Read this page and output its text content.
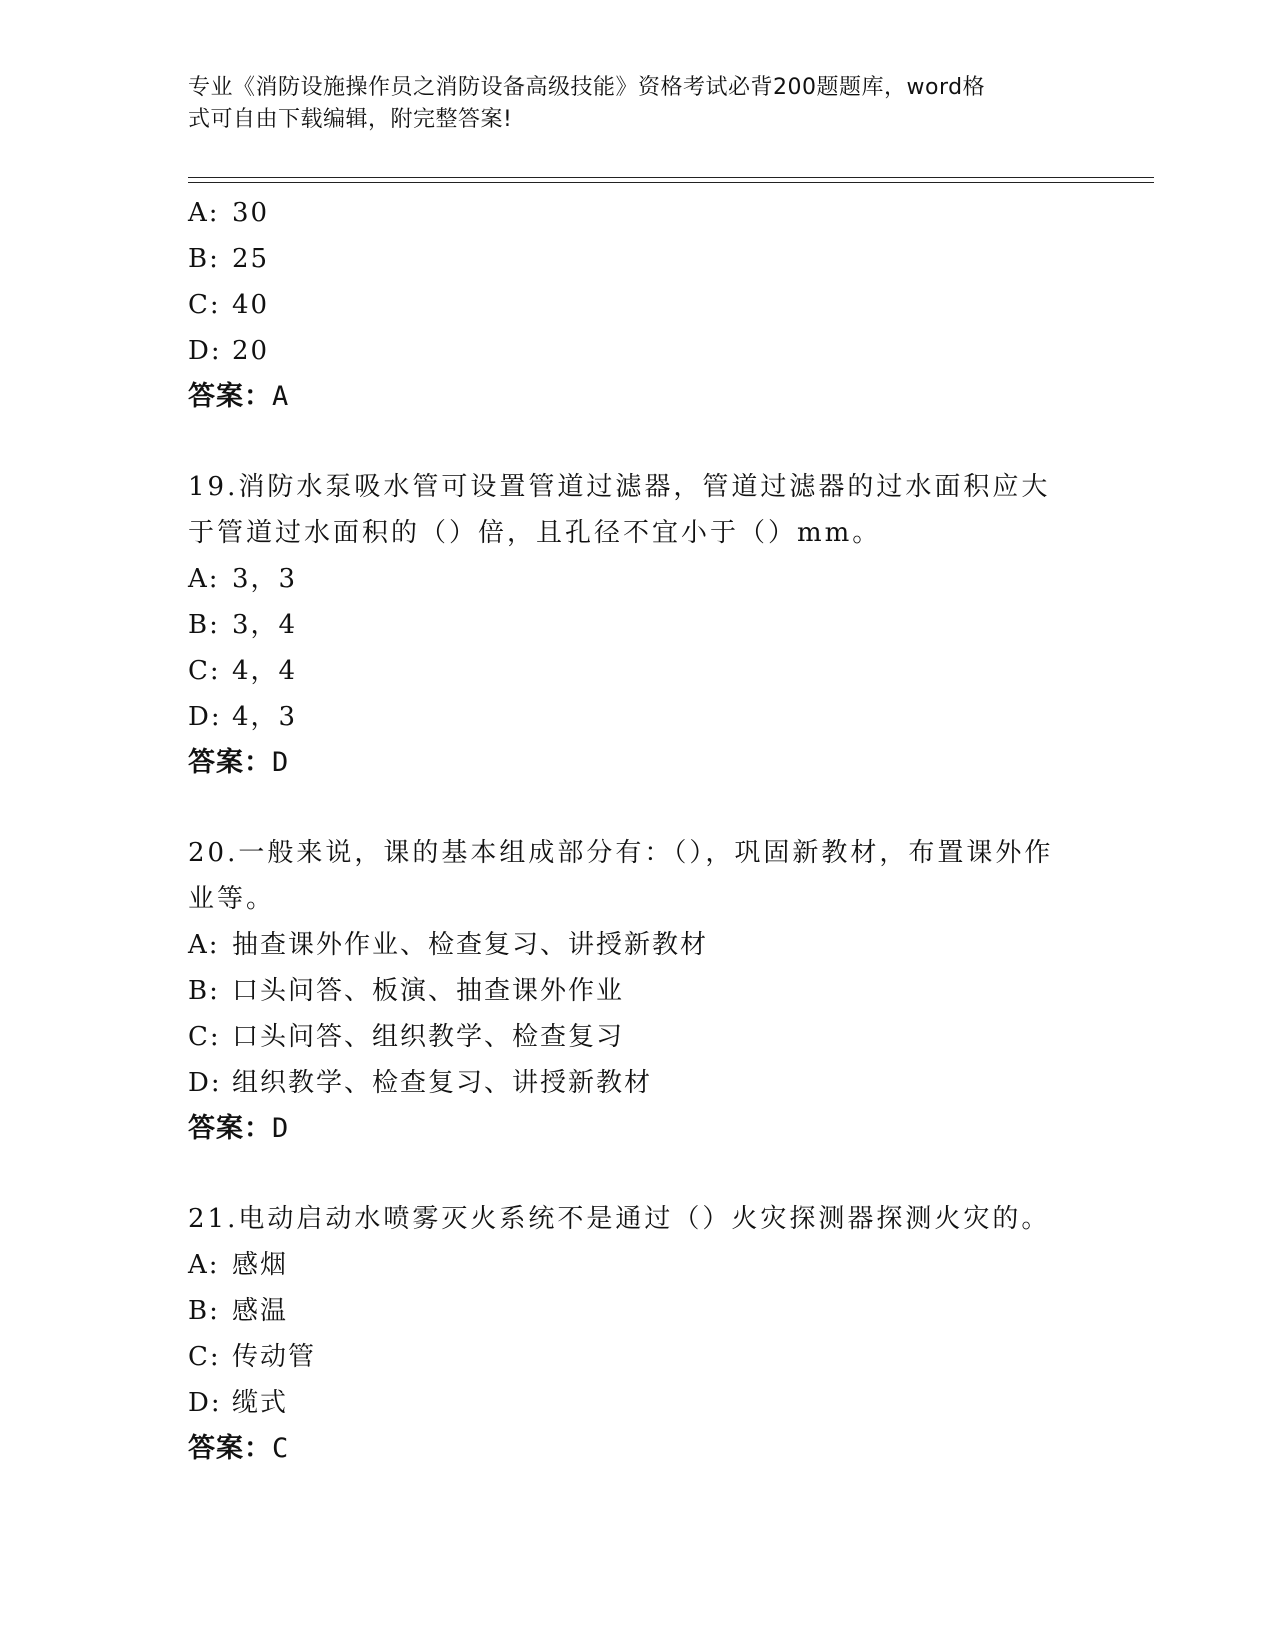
专业《消防设施操作员之消防设备高级技能》资格考试必背200题题库，word格
式可自由下载编辑，附完整答案!
A: 30
B: 25
C: 40
D: 20
答案：A
19.消防水泵吸水管可设置管道过滤器，管道过滤器的过水面积应大于管道过水面积的（）倍，且孔径不宜小于（）mm。
A: 3，3
B: 3，4
C: 4，4
D: 4，3
答案：D
20.一般来说，课的基本组成部分有：（），巩固新教材，布置课外作业等。
A: 抽查课外作业、检查复习、讲授新教材
B: 口头问答、板演、抽查课外作业
C: 口头问答、组织教学、检查复习
D: 组织教学、检查复习、讲授新教材
答案：D
21.电动启动水喷雾灭火系统不是通过（）火灾探测器探测火灾的。
A: 感烟
B: 感温
C: 传动管
D: 缆式
答案：C
